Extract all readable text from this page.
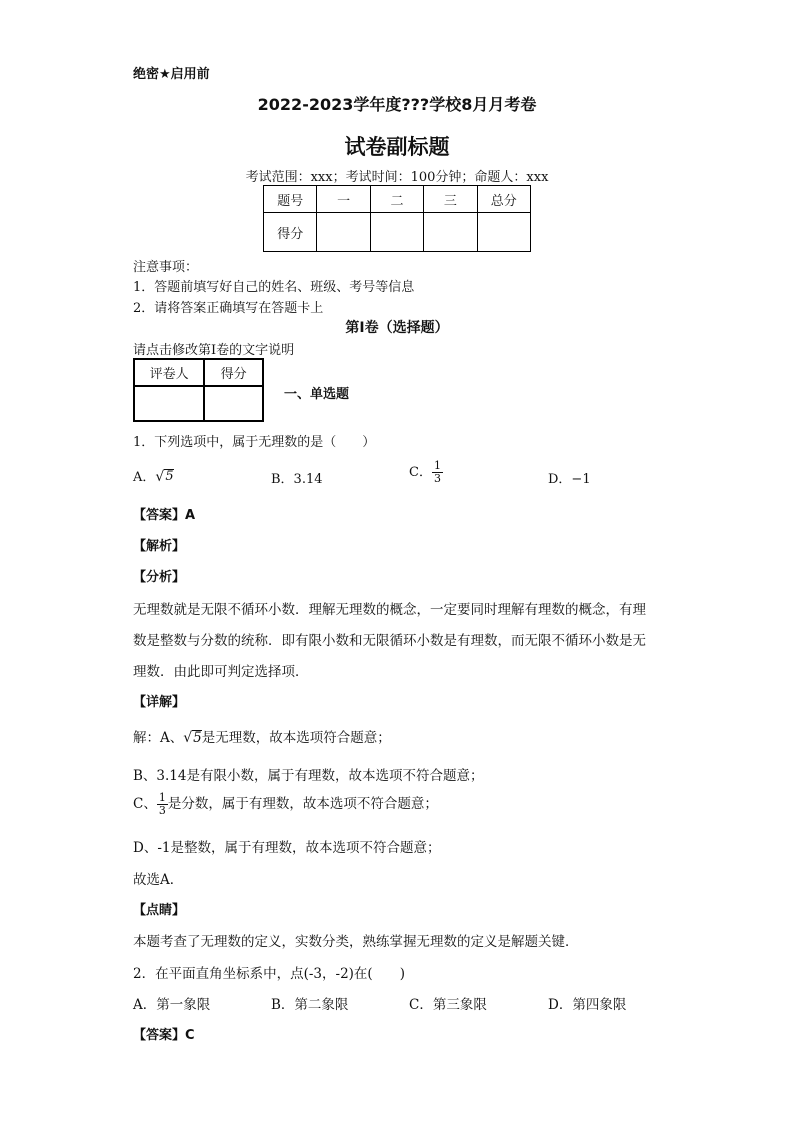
绝密★启用前
2022-2023学年度???学校8月月考卷
试卷副标题
考试范围：xxx；考试时间：100分钟；命题人：xxx
题号	一	二	三	总分
得分				
注意事项：
1．答题前填写好自己的姓名、班级、考号等信息
2．请将答案正确填写在答题卡上
第I卷（选择题）
请点击修改第I卷的文字说明
评卷人	得分

一、单选题
1．下列选项中，属于无理数的是（　　）
A． √ 5	B．3.14	C． $\frac{1}{3}$	D．−1
【答案】A
【解析】
【分析】
无理数就是无限不循环小数．理解无理数的概念，一定要同时理解有理数的概念，有理
数是整数与分数的统称．即有限小数和无限循环小数是有理数，而无限不循环小数是无
理数．由此即可判定选择项．
【详解】
解：A、 √ 5 是无理数，故本选项符合题意；
B、3.14是有限小数，属于有理数，故本选项不符合题意；
C、 $\frac{1}{3}$ 是分数，属于有理数，故本选项不符合题意；
D、-1是整数，属于有理数，故本选项不符合题意；
故选A．
【点睛】
本题考查了无理数的定义，实数分类，熟练掌握无理数的定义是解题关键．
2．在平面直角坐标系中，点(-3，-2)在(　　)
A．第一象限	B．第二象限	C．第三象限	D．第四象限
【答案】C
